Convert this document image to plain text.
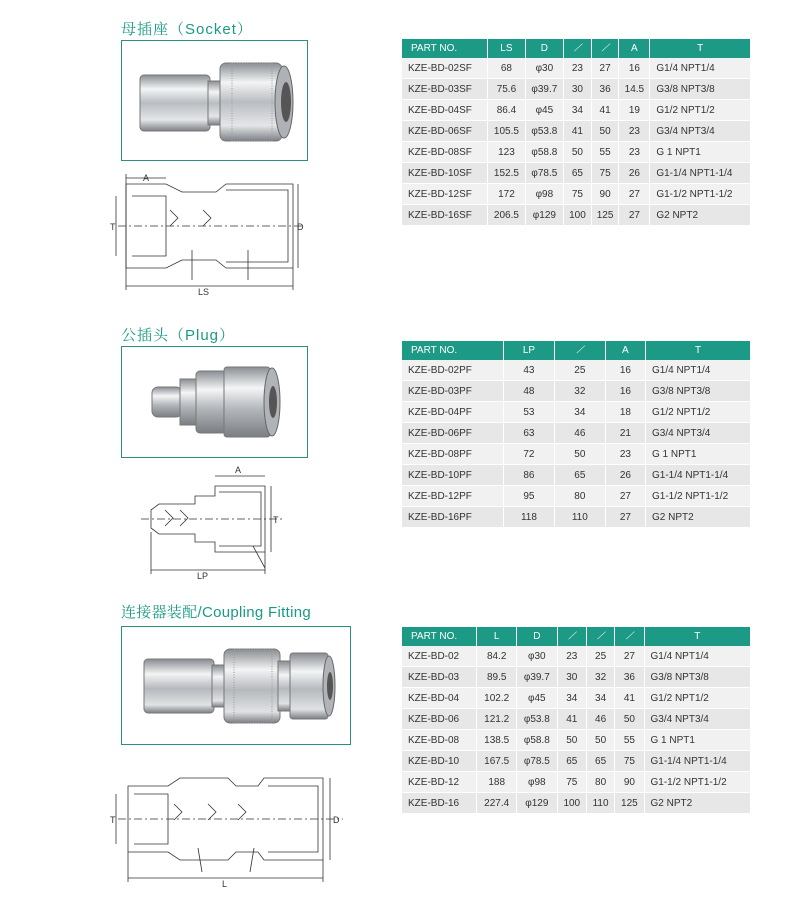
母插座（Socket）
A
T	D
LS
PART NO.	LS	D	⟋	⟋	A	T
KZE-BD-02SF	68	φ30	23	27	16	G1/4 NPT1/4
KZE-BD-03SF	75.6	φ39.7	30	36	14.5	G3/8 NPT3/8
KZE-BD-04SF	86.4	φ45	34	41	19	G1/2 NPT1/2
KZE-BD-06SF	105.5	φ53.8	41	50	23	G3/4 NPT3/4
KZE-BD-08SF	123	φ58.8	50	55	23	G 1 NPT1
KZE-BD-10SF	152.5	φ78.5	65	75	26	G1-1/4 NPT1-1/4
KZE-BD-12SF	172	φ98	75	90	27	G1-1/2 NPT1-1/2
KZE-BD-16SF	206.5	φ129	100	125	27	G2 NPT2
公插头（Plug）
A
T
LP
PART NO.	LP	⟋	A	T
KZE-BD-02PF	43	25	16	G1/4 NPT1/4
KZE-BD-03PF	48	32	16	G3/8 NPT3/8
KZE-BD-04PF	53	34	18	G1/2 NPT1/2
KZE-BD-06PF	63	46	21	G3/4 NPT3/4
KZE-BD-08PF	72	50	23	G 1 NPT1
KZE-BD-10PF	86	65	26	G1-1/4 NPT1-1/4
KZE-BD-12PF	95	80	27	G1-1/2 NPT1-1/2
KZE-BD-16PF	118	110	27	G2 NPT2
连接器装配/Coupling Fitting
T	D
L
PART NO.	L	D	⟋	⟋	⟋	T
KZE-BD-02	84.2	φ30	23	25	27	G1/4 NPT1/4
KZE-BD-03	89.5	φ39.7	30	32	36	G3/8 NPT3/8
KZE-BD-04	102.2	φ45	34	34	41	G1/2 NPT1/2
KZE-BD-06	121.2	φ53.8	41	46	50	G3/4 NPT3/4
KZE-BD-08	138.5	φ58.8	50	50	55	G 1 NPT1
KZE-BD-10	167.5	φ78.5	65	65	75	G1-1/4 NPT1-1/4
KZE-BD-12	188	φ98	75	80	90	G1-1/2 NPT1-1/2
KZE-BD-16	227.4	φ129	100	110	125	G2 NPT2
